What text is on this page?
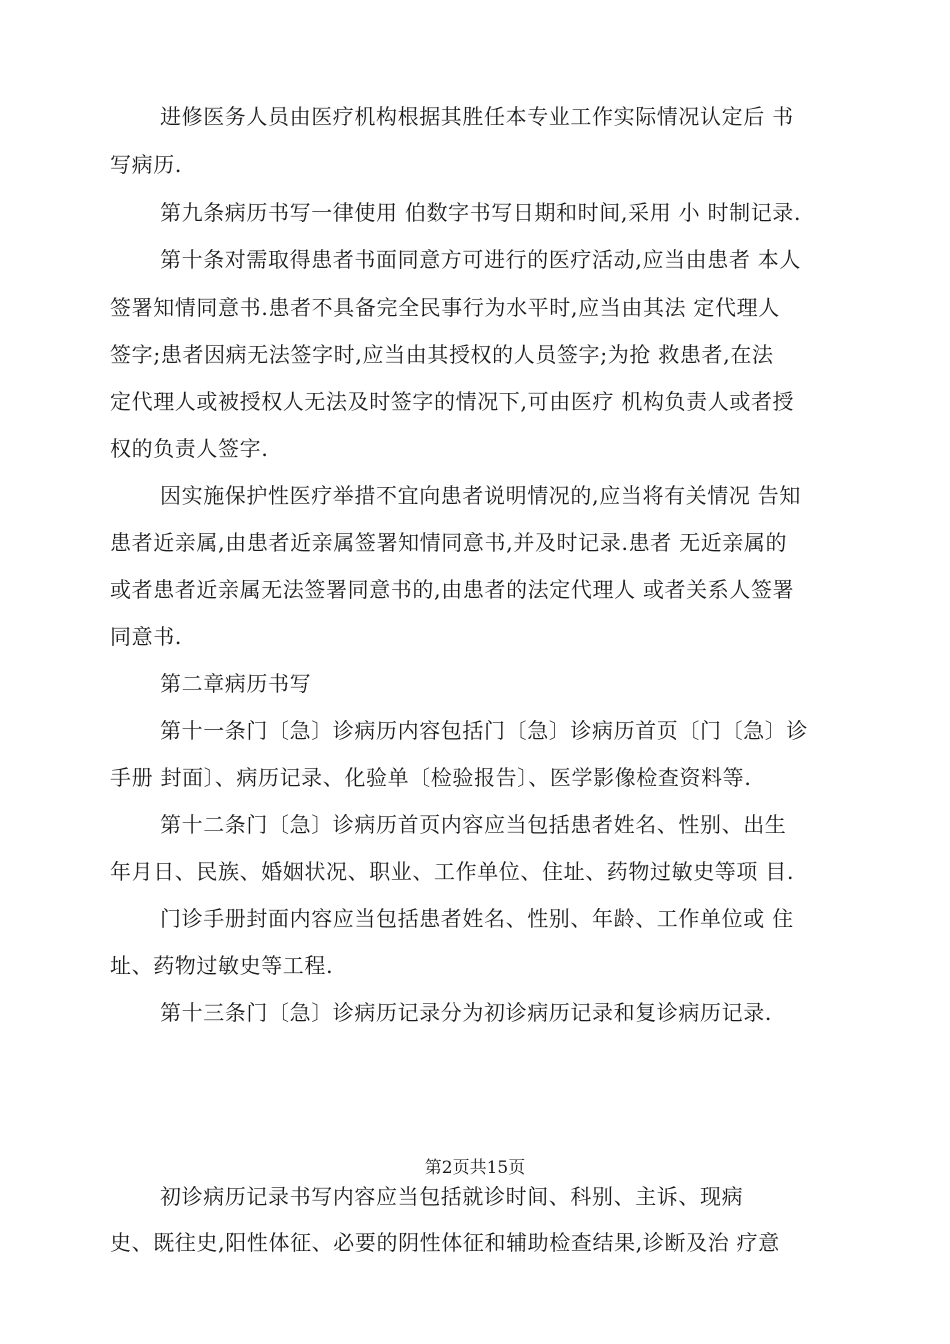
进修医务人员由医疗机构根据其胜任本专业工作实际情况认定后 书
写病历.
第九条病历书写一律使用 伯数字书写日期和时间,采用 小 时制记录.
第十条对需取得患者书面同意方可进行的医疗活动,应当由患者 本人
签署知情同意书.患者不具备完全民事行为水平时,应当由其法 定代理人
签字;患者因病无法签字时,应当由其授权的人员签字;为抢 救患者,在法
定代理人或被授权人无法及时签字的情况下,可由医疗 机构负责人或者授
权的负责人签字.
因实施保护性医疗举措不宜向患者说明情况的,应当将有关情况 告知
患者近亲属,由患者近亲属签署知情同意书,并及时记录.患者 无近亲属的
或者患者近亲属无法签署同意书的,由患者的法定代理人 或者关系人签署
同意书.
第二章病历书写
第十一条门〔急〕诊病历内容包括门〔急〕诊病历首页〔门〔急〕诊
手册 封面〕、病历记录、化验单〔检验报告〕、医学影像检查资料等.
第十二条门〔急〕诊病历首页内容应当包括患者姓名、性别、出生
年月日、民族、婚姻状况、职业、工作单位、住址、药物过敏史等项 目.
门诊手册封面内容应当包括患者姓名、性别、年龄、工作单位或 住
址、药物过敏史等工程.
第十三条门〔急〕诊病历记录分为初诊病历记录和复诊病历记录.
第2页共15页
初诊病历记录书写内容应当包括就诊时间、科别、主诉、现病
史、既往史,阳性体征、必要的阴性体征和辅助检查结果,诊断及治 疗意
